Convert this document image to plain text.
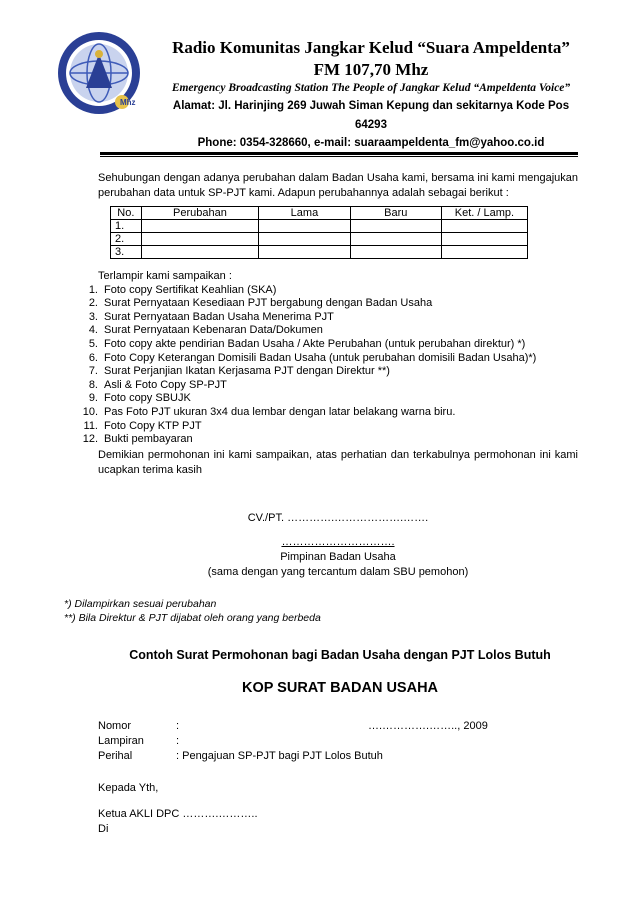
Mhz
Radio Komunitas Jangkar Kelud “Suara Ampeldenta”
FM 107,70 Mhz
Emergency Broadcasting Station The People of Jangkar Kelud “Ampeldenta Voice”
Alamat: Jl. Harinjing 269 Juwah Siman Kepung dan sekitarnya Kode Pos
64293
Phone: 0354-328660, e-mail: suaraampeldenta_fm@yahoo.co.id
Sehubungan dengan adanya perubahan dalam Badan Usaha kami, bersama ini kami mengajukan perubahan data untuk SP-PJT kami. Adapun perubahannya adalah sebagai berikut :
No.	Perubahan	Lama	Baru	Ket. / Lamp.
1.				
2.				
3.				
Terlampir kami sampaikan :
1. Foto copy Sertifikat Keahlian (SKA)
2. Surat Pernyataan Kesediaan PJT bergabung dengan Badan Usaha
3. Surat Pernyataan Badan Usaha Menerima PJT
4. Surat Pernyataan Kebenaran Data/Dokumen
5. Foto copy akte pendirian Badan Usaha / Akte Perubahan (untuk perubahan direktur) *)
6. Foto Copy Keterangan Domisili Badan Usaha (untuk perubahan domisili Badan Usaha)*)
7. Surat Perjanjian Ikatan Kerjasama PJT dengan Direktur **)
8. Asli & Foto Copy SP-PJT
9. Foto copy SBUJK
10. Pas Foto PJT ukuran 3x4 dua lembar dengan latar belakang warna biru.
11. Foto Copy KTP PJT
12. Bukti pembayaran
Demikian permohonan ini kami sampaikan, atas perhatian dan terkabulnya permohonan ini kami ucapkan terima kasih
CV./PT. ………….……………….…….
………………………….
Pimpinan Badan Usaha
(sama dengan yang tercantum dalam SBU pemohon)
*) Dilampirkan sesuai perubahan
**) Bila Direktur & PJT dijabat oleh orang yang berbeda
Contoh Surat Permohonan bagi Badan Usaha dengan PJT Lolos Butuh
KOP SURAT BADAN USAHA
Nomor	:	….………….…….., 2009
Lampiran	:
Perihal	: Pengajuan SP-PJT bagi PJT Lolos Butuh
Kepada Yth,
Ketua AKLI DPC ……….………..
Di
